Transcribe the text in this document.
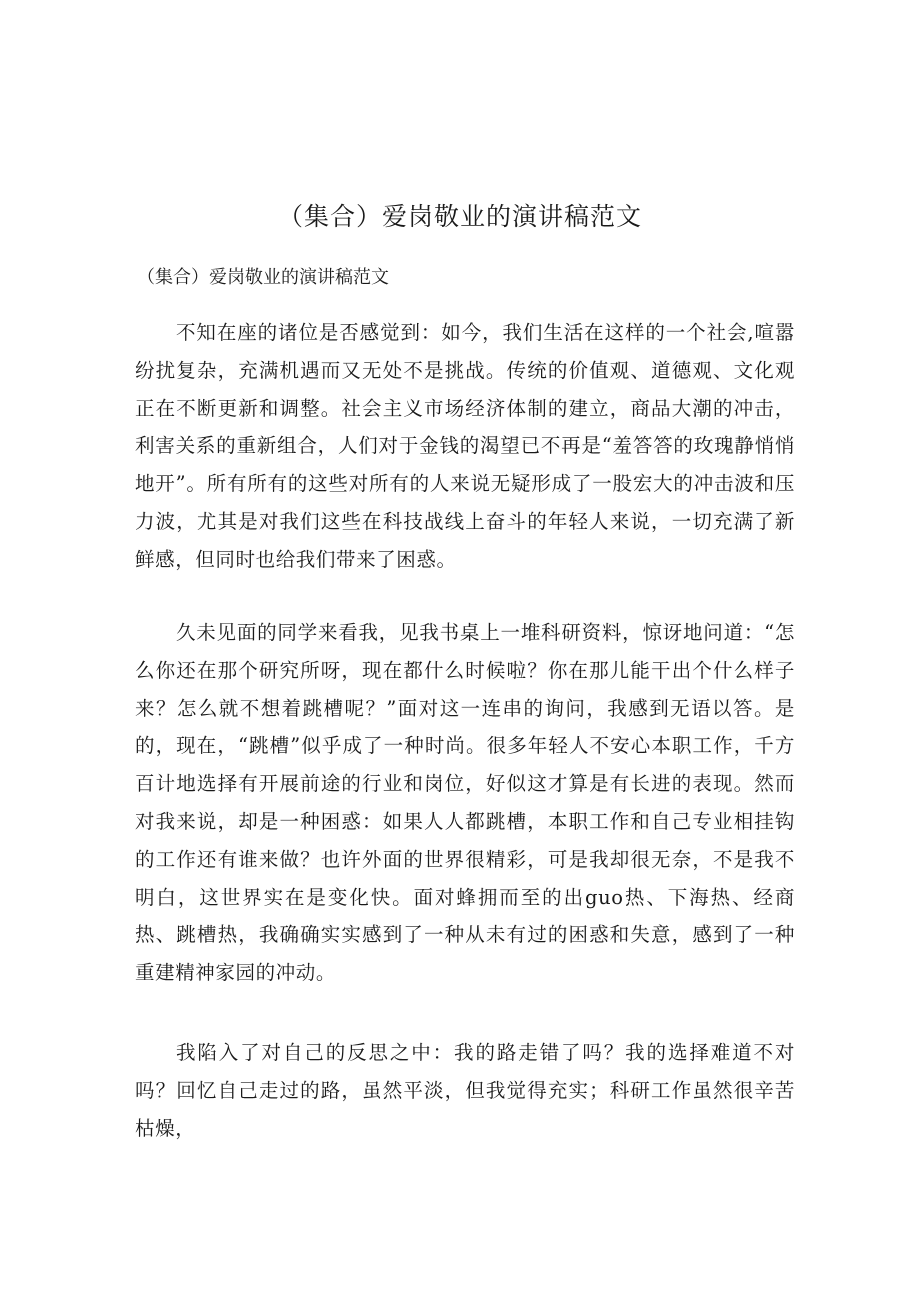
（集合）爱岗敬业的演讲稿范文

（集合）爱岗敬业的演讲稿范文

不知在座的诸位是否感觉到：如今，我们生活在这样的一个社会,喧嚣纷扰复杂，充满机遇而又无处不是挑战。传统的价值观、道德观、文化观正在不断更新和调整。社会主义市场经济体制的建立，商品大潮的冲击，利害关系的重新组合，人们对于金钱的渴望已不再是“羞答答的玫瑰静悄悄地开”。所有所有的这些对所有的人来说无疑形成了一股宏大的冲击波和压力波，尤其是对我们这些在科技战线上奋斗的年轻人来说，一切充满了新鲜感，但同时也给我们带来了困惑。

久未见面的同学来看我，见我书桌上一堆科研资料，惊讶地问道：“怎么你还在那个研究所呀，现在都什么时候啦？你在那儿能干出个什么样子来？怎么就不想着跳槽呢？”面对这一连串的询问，我感到无语以答。是的，现在，“跳槽”似乎成了一种时尚。很多年轻人不安心本职工作，千方百计地选择有开展前途的行业和岗位，好似这才算是有长进的表现。然而对我来说，却是一种困惑：如果人人都跳槽，本职工作和自己专业相挂钩的工作还有谁来做？也许外面的世界很精彩，可是我却很无奈，不是我不明白，这世界实在是变化快。面对蜂拥而至的出guo热、下海热、经商热、跳槽热，我确确实实感到了一种从未有过的困惑和失意，感到了一种重建精神家园的冲动。

我陷入了对自己的反思之中：我的路走错了吗？我的选择难道不对吗？回忆自己走过的路，虽然平淡，但我觉得充实；科研工作虽然很辛苦枯燥，
